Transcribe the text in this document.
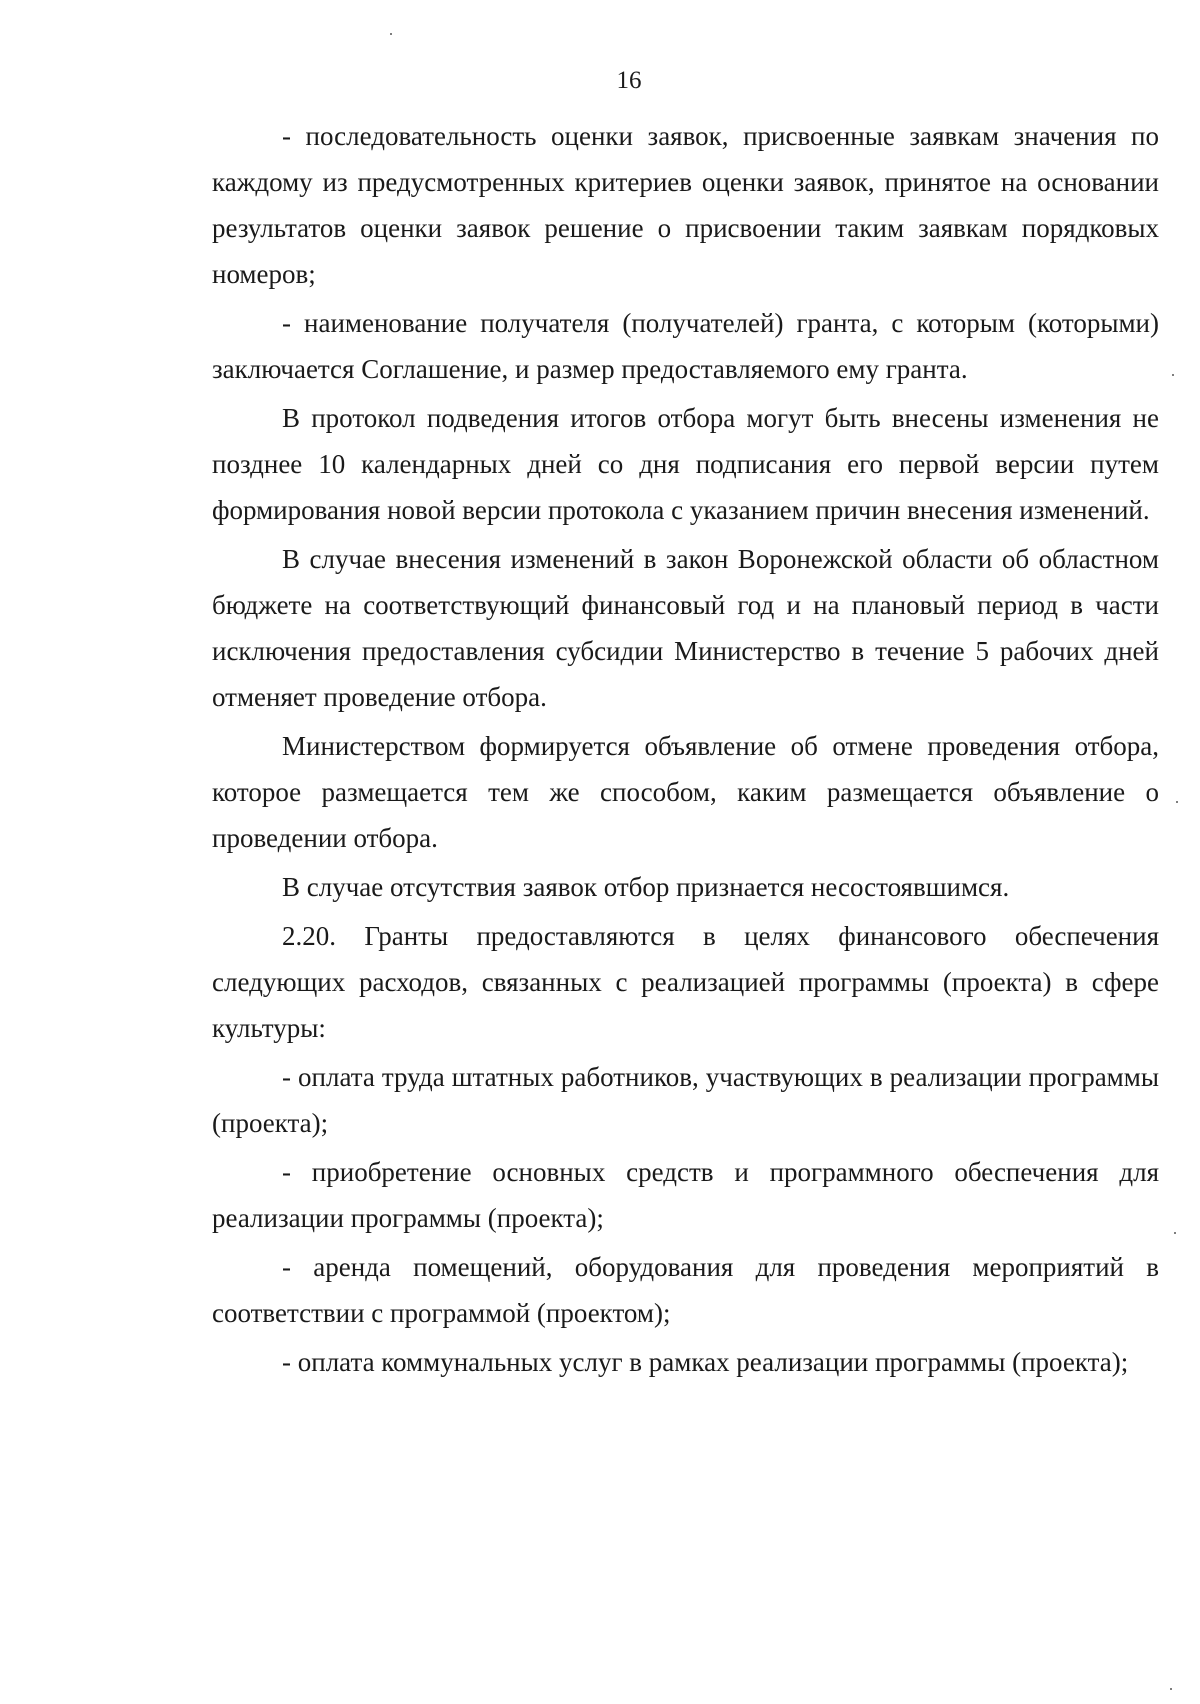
16

- последовательность оценки заявок, присвоенные заявкам значения по каждому из предусмотренных критериев оценки заявок, принятое на основании результатов оценки заявок решение о присвоении таким заявкам порядковых номеров;

- наименование получателя (получателей) гранта, с которым (которыми) заключается Соглашение, и размер предоставляемого ему гранта.

В протокол подведения итогов отбора могут быть внесены изменения не позднее 10 календарных дней со дня подписания его первой версии путем формирования новой версии протокола с указанием причин внесения изменений.

В случае внесения изменений в закон Воронежской области об областном бюджете на соответствующий финансовый год и на плановый период в части исключения предоставления субсидии Министерство в течение 5 рабочих дней отменяет проведение отбора.

Министерством формируется объявление об отмене проведения отбора, которое размещается тем же способом, каким размещается объявление о проведении отбора.

В случае отсутствия заявок отбор признается несостоявшимся.

2.20. Гранты предоставляются в целях финансового обеспечения следующих расходов, связанных с реализацией программы (проекта) в сфере культуры:

- оплата труда штатных работников, участвующих в реализации программы (проекта);

- приобретение основных средств и программного обеспечения для реализации программы (проекта);

- аренда помещений, оборудования для проведения мероприятий в соответствии с программой (проектом);

- оплата коммунальных услуг в рамках реализации программы (проекта);
